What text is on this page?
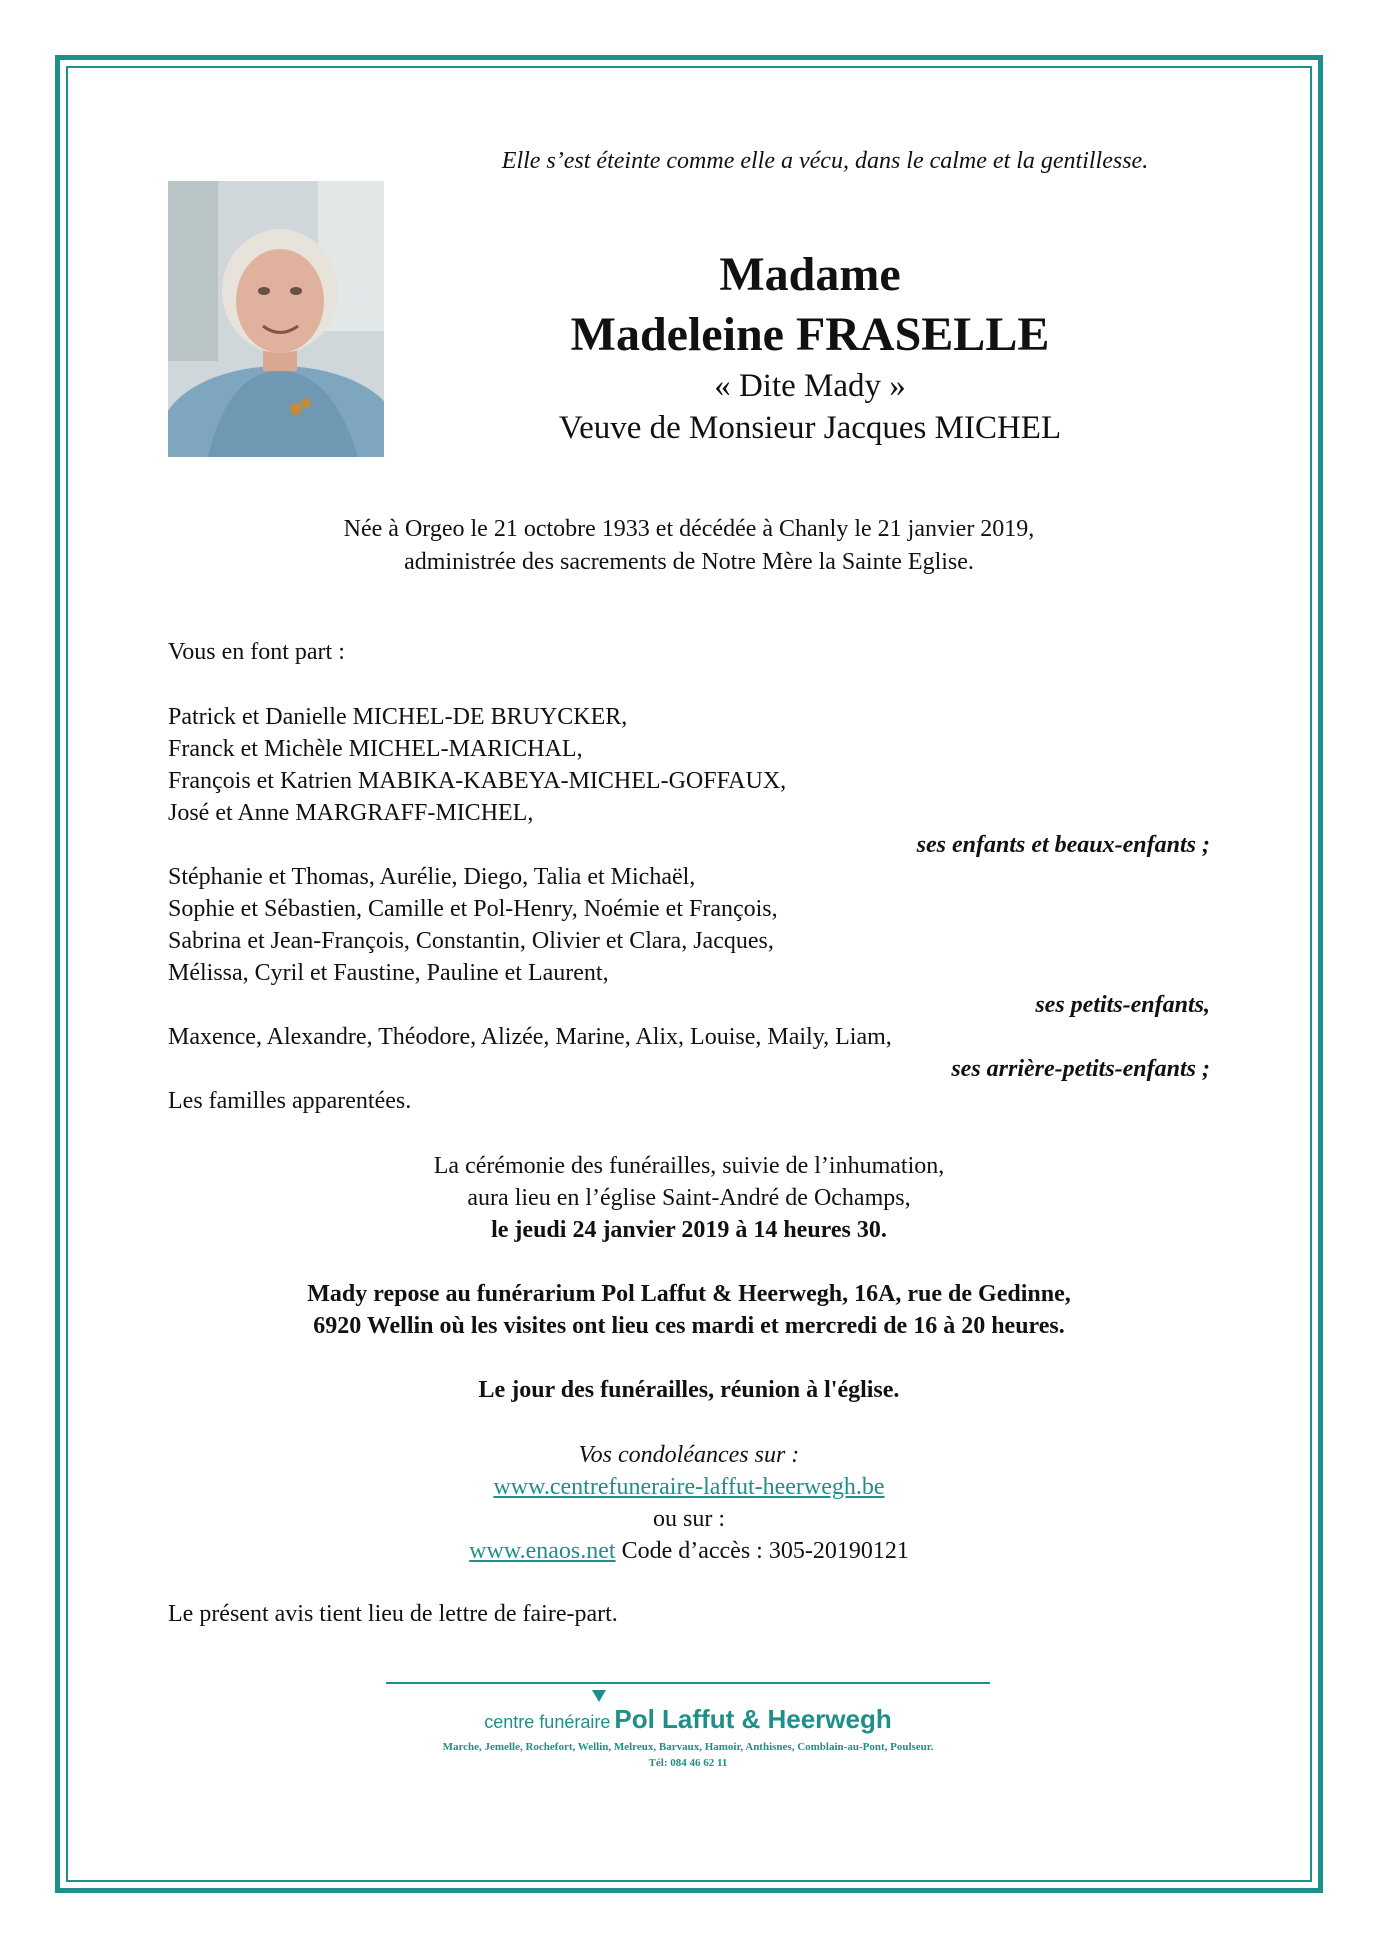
Elle s’est éteinte comme elle a vécu, dans le calme et la gentillesse.
Madame
Madeleine FRASELLE
« Dite Mady »
Veuve de Monsieur Jacques MICHEL
Née à Orgeo le 21 octobre 1933 et décédée à Chanly le 21 janvier 2019,
administrée des sacrements de Notre Mère la Sainte Eglise.
Vous en font part :
Patrick et Danielle MICHEL-DE BRUYCKER,
Franck et Michèle MICHEL-MARICHAL,
François et Katrien MABIKA-KABEYA-MICHEL-GOFFAUX,
José et Anne MARGRAFF-MICHEL,
ses enfants et beaux-enfants ;
Stéphanie et Thomas, Aurélie, Diego, Talia et Michaël,
Sophie et Sébastien, Camille et Pol-Henry, Noémie et François,
Sabrina et Jean-François, Constantin, Olivier et Clara, Jacques,
Mélissa, Cyril et Faustine, Pauline et Laurent,
ses petits-enfants,
Maxence, Alexandre, Théodore, Alizée, Marine, Alix, Louise, Maily, Liam,
ses arrière-petits-enfants ;
Les familles apparentées.
La cérémonie des funérailles, suivie de l’inhumation,
aura lieu en l’église Saint-André de Ochamps,
le jeudi 24 janvier 2019 à 14 heures 30.
Mady repose au funérarium Pol Laffut & Heerwegh, 16A, rue de Gedinne,
6920 Wellin où les visites ont lieu ces mardi et mercredi de 16 à 20 heures.
Le jour des funérailles, réunion à l'église.
Vos condoléances sur :
www.centrefuneraire-laffut-heerwegh.be
ou sur :
www.enaos.net Code d’accès : 305-20190121
Le présent avis tient lieu de lettre de faire-part.
centre funéraire Pol Laffut & Heerwegh
Marche, Jemelle, Rochefort, Wellin, Melreux, Barvaux, Hamoir, Anthisnes, Comblain-au-Pont, Poulseur.
Tél: 084 46 62 11
